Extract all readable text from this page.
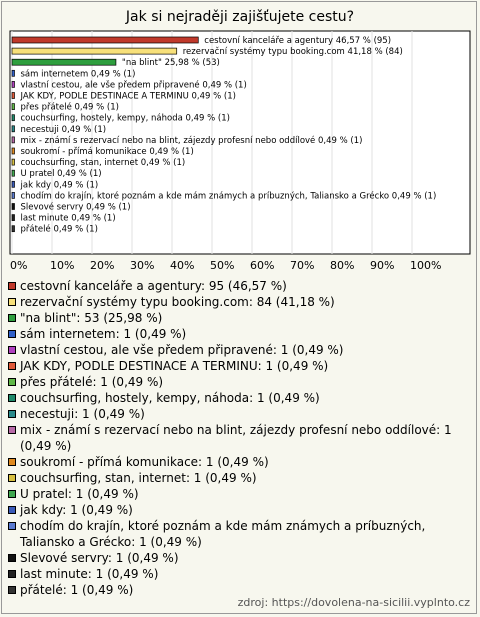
Jak si nejraději zajišťujete cestu?
cestovní kanceláře a agentury 46,57 % (95)
rezervační systémy typu booking.com 41,18 % (84)
"na blint" 25,98 % (53)
sám internetem 0,49 % (1)
vlastní cestou, ale vše předem připravené 0,49 % (1)
JAK KDY, PODLE DESTINACE A TERMINU 0,49 % (1)
přes přátelé 0,49 % (1)
couchsurfing, hostely, kempy, náhoda 0,49 % (1)
necestuji 0,49 % (1)
mix - známí s rezervací nebo na blint, zájezdy profesní nebo oddílové 0,49 % (1)
soukromí - přímá komunikace 0,49 % (1)
couchsurfing, stan, internet 0,49 % (1)
U pratel 0,49 % (1)
jak kdy 0,49 % (1)
chodím do krajín, ktoré poznám a kde mám známych a príbuzných, Taliansko a Grécko 0,49 % (1)
Slevové servry 0,49 % (1)
last minute 0,49 % (1)
přátelé 0,49 % (1)
0% 10% 20% 30% 40% 50% 60% 70% 80% 90% 100%
cestovní kanceláře a agentury: 95 (46,57 %)
rezervační systémy typu booking.com: 84 (41,18 %)
"na blint": 53 (25,98 %)
sám internetem: 1 (0,49 %)
vlastní cestou, ale vše předem připravené: 1 (0,49 %)
JAK KDY, PODLE DESTINACE A TERMINU: 1 (0,49 %)
přes přátelé: 1 (0,49 %)
couchsurfing, hostely, kempy, náhoda: 1 (0,49 %)
necestuji: 1 (0,49 %)
mix - známí s rezervací nebo na blint, zájezdy profesní nebo oddílové: 1 (0,49 %)
soukromí - přímá komunikace: 1 (0,49 %)
couchsurfing, stan, internet: 1 (0,49 %)
U pratel: 1 (0,49 %)
jak kdy: 1 (0,49 %)
chodím do krajín, ktoré poznám a kde mám známych a príbuzných, Taliansko a Grécko: 1 (0,49 %)
Slevové servry: 1 (0,49 %)
last minute: 1 (0,49 %)
přátelé: 1 (0,49 %)
zdroj: https://dovolena-na-sicilii.vyplnto.cz
